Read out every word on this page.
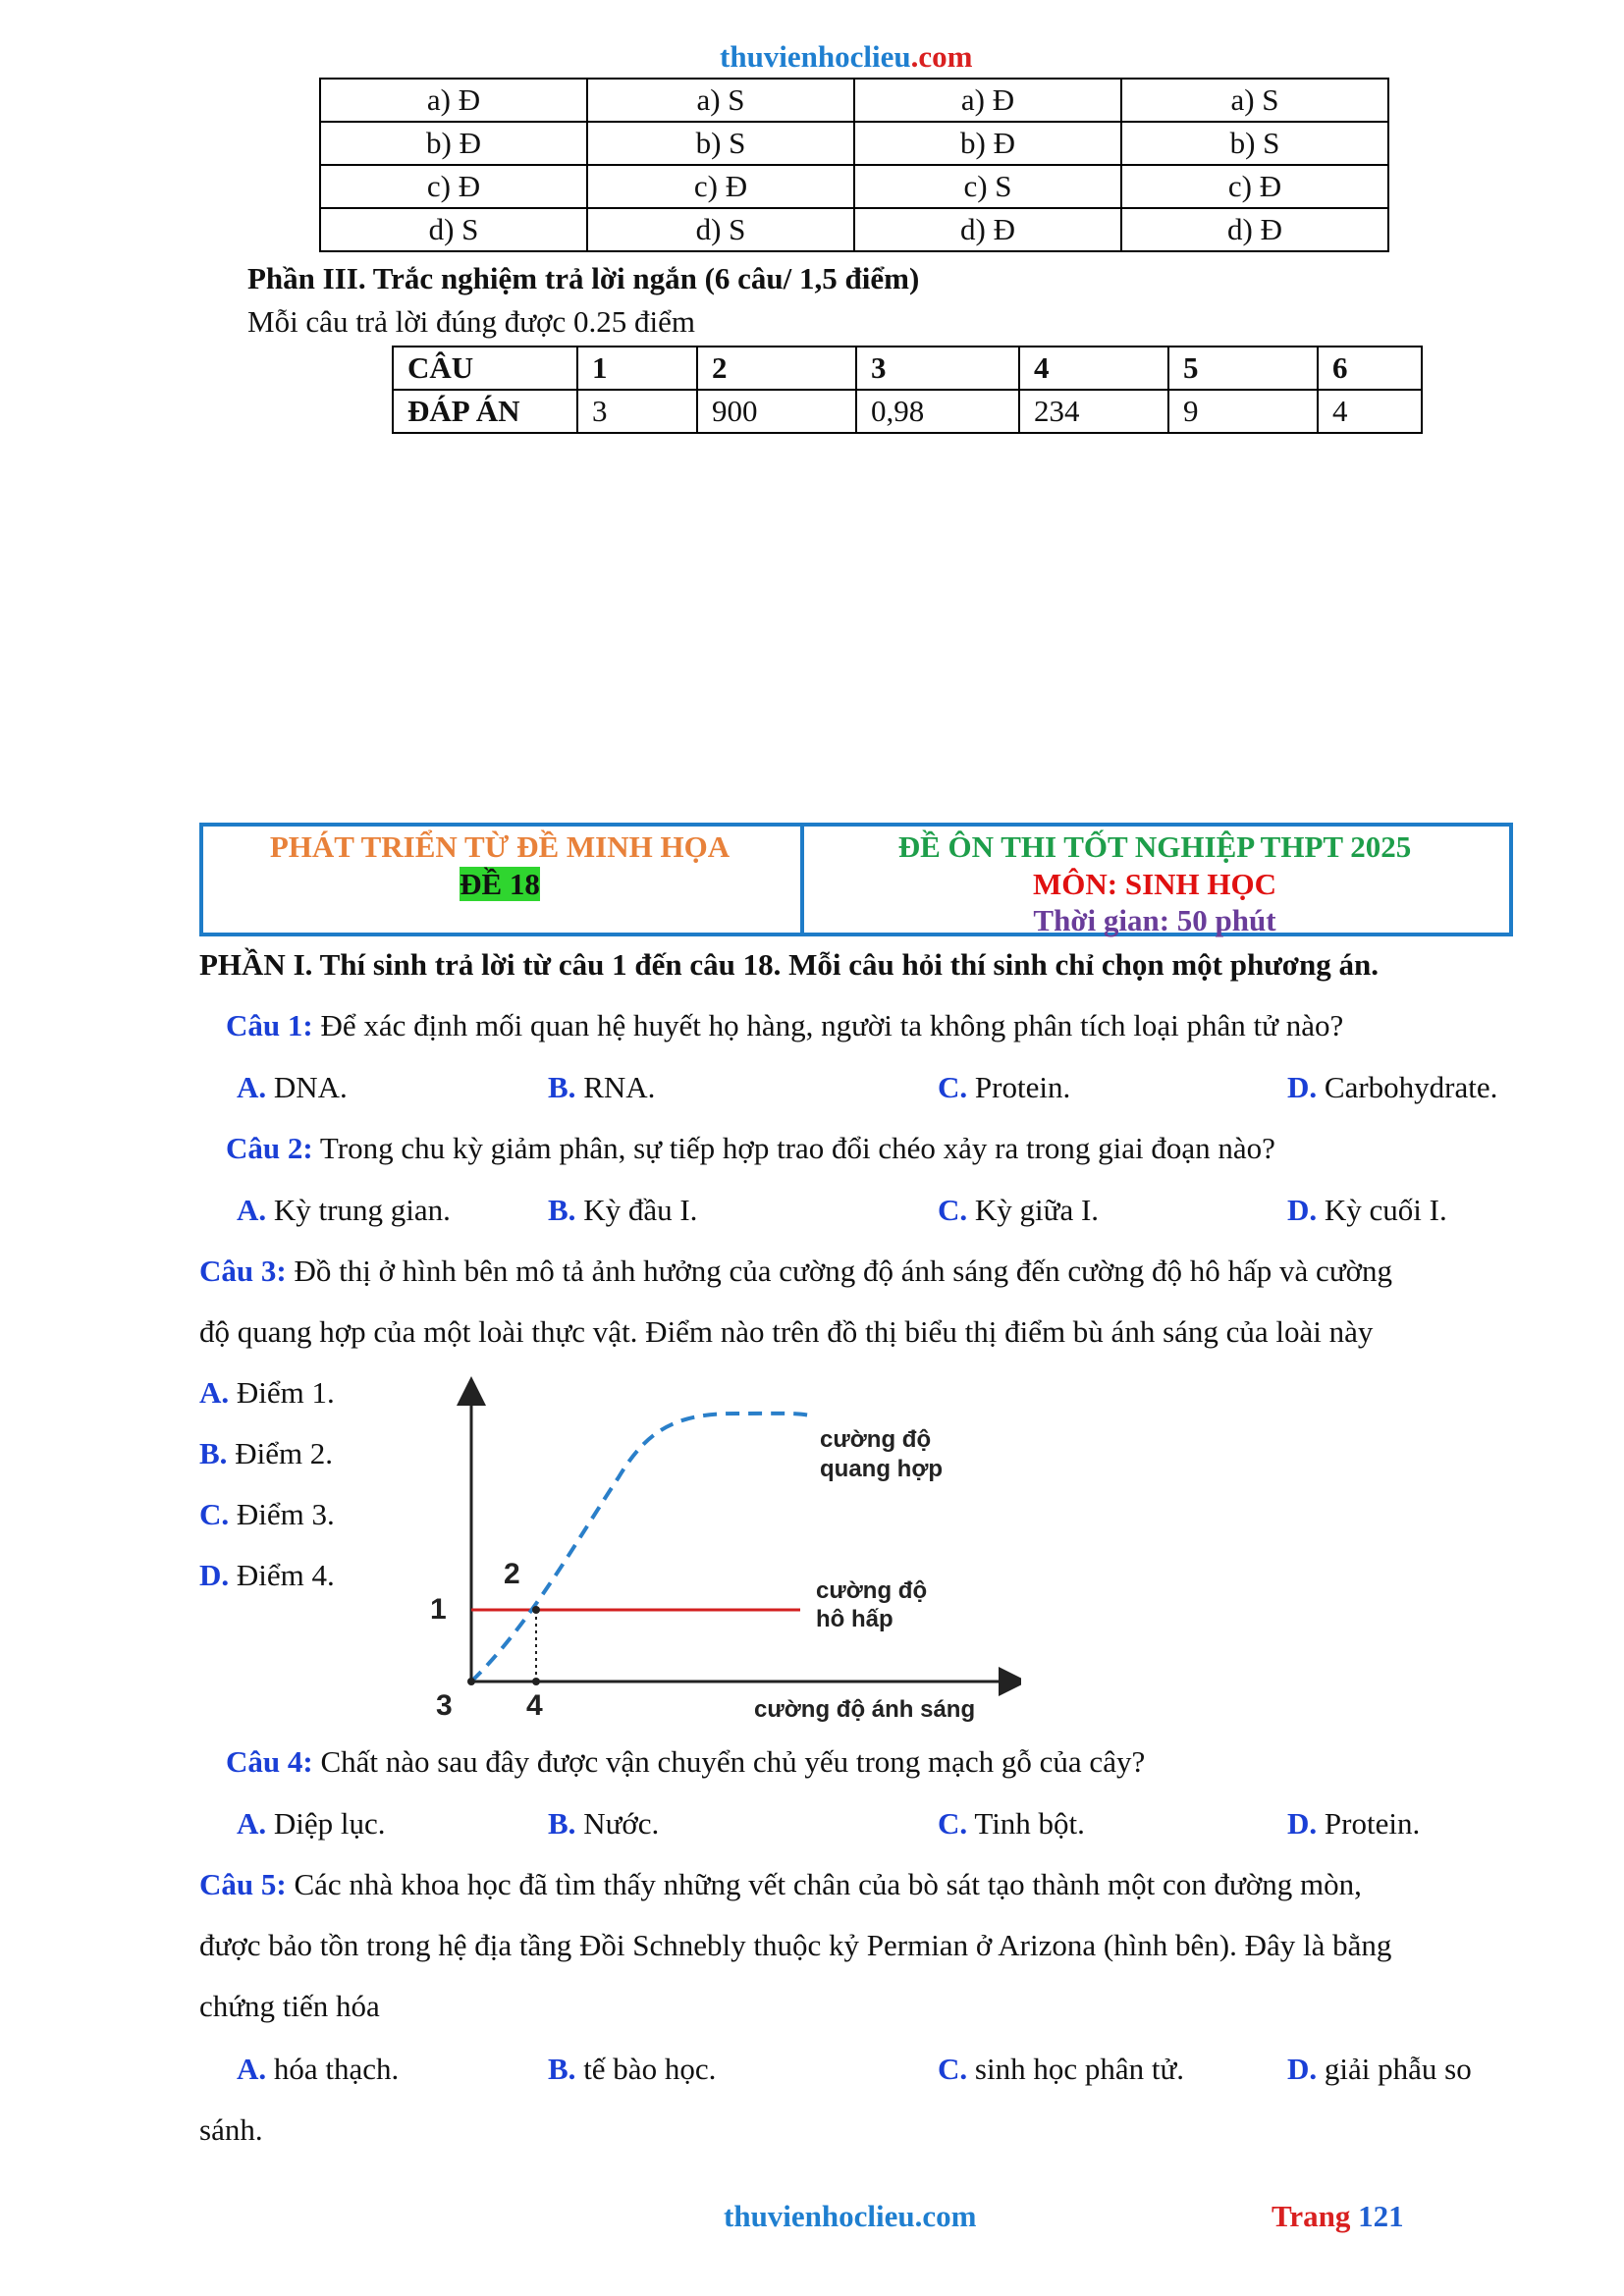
thuvienhoclieu.com
a) Đ	a) S	a) Đ	a) S
b) Đ	b) S	b) Đ	b) S
c) Đ	c) Đ	c) S	c) Đ
d) S	d) S	d) Đ	d) Đ
Phần III. Trắc nghiệm trả lời ngắn (6 câu/ 1,5 điểm)
Mỗi câu trả lời đúng được 0.25 điểm
CÂU	1	2	3	4	5	6
ĐÁP ÁN	3	900	0,98	234	9	4
PHÁT TRIỂN TỪ ĐỀ MINH HỌA
ĐỀ 18
ĐỀ ÔN THI TỐT NGHIỆP THPT 2025
MÔN: SINH HỌC
Thời gian: 50 phút
PHẦN I. Thí sinh trả lời từ câu 1 đến câu 18. Mỗi câu hỏi thí sinh chỉ chọn một phương án.
Câu 1: Để xác định mối quan hệ huyết họ hàng, người ta không phân tích loại phân tử nào?
A. DNA.	B. RNA.	C. Protein.	D. Carbohydrate.
Câu 2: Trong chu kỳ giảm phân, sự tiếp hợp trao đổi chéo xảy ra trong giai đoạn nào?
A. Kỳ trung gian.	B. Kỳ đầu I.	C. Kỳ giữa I.	D. Kỳ cuối I.
Câu 3: Đồ thị ở hình bên mô tả ảnh hưởng của cường độ ánh sáng đến cường độ hô hấp và cường
độ quang hợp của một loài thực vật. Điểm nào trên đồ thị biểu thị điểm bù ánh sáng của loài này
A. Điểm 1.
B. Điểm 2.
C. Điểm 3.
D. Điểm 4.
1
2
3	4
cường độ
quang hợp
cường độ
hô hấp
cường độ ánh sáng
Câu 4: Chất nào sau đây được vận chuyển chủ yếu trong mạch gỗ của cây?
A. Diệp lục.	B. Nước.	C. Tinh bột.	D. Protein.
Câu 5: Các nhà khoa học đã tìm thấy những vết chân của bò sát tạo thành một con đường mòn,
được bảo tồn trong hệ địa tầng Đồi Schnebly thuộc kỷ Permian ở Arizona (hình bên). Đây là bằng
chứng tiến hóa
A. hóa thạch.	B. tế bào học.	C. sinh học phân tử.	D. giải phẫu so
sánh.
thuvienhoclieu.com	Trang 121
